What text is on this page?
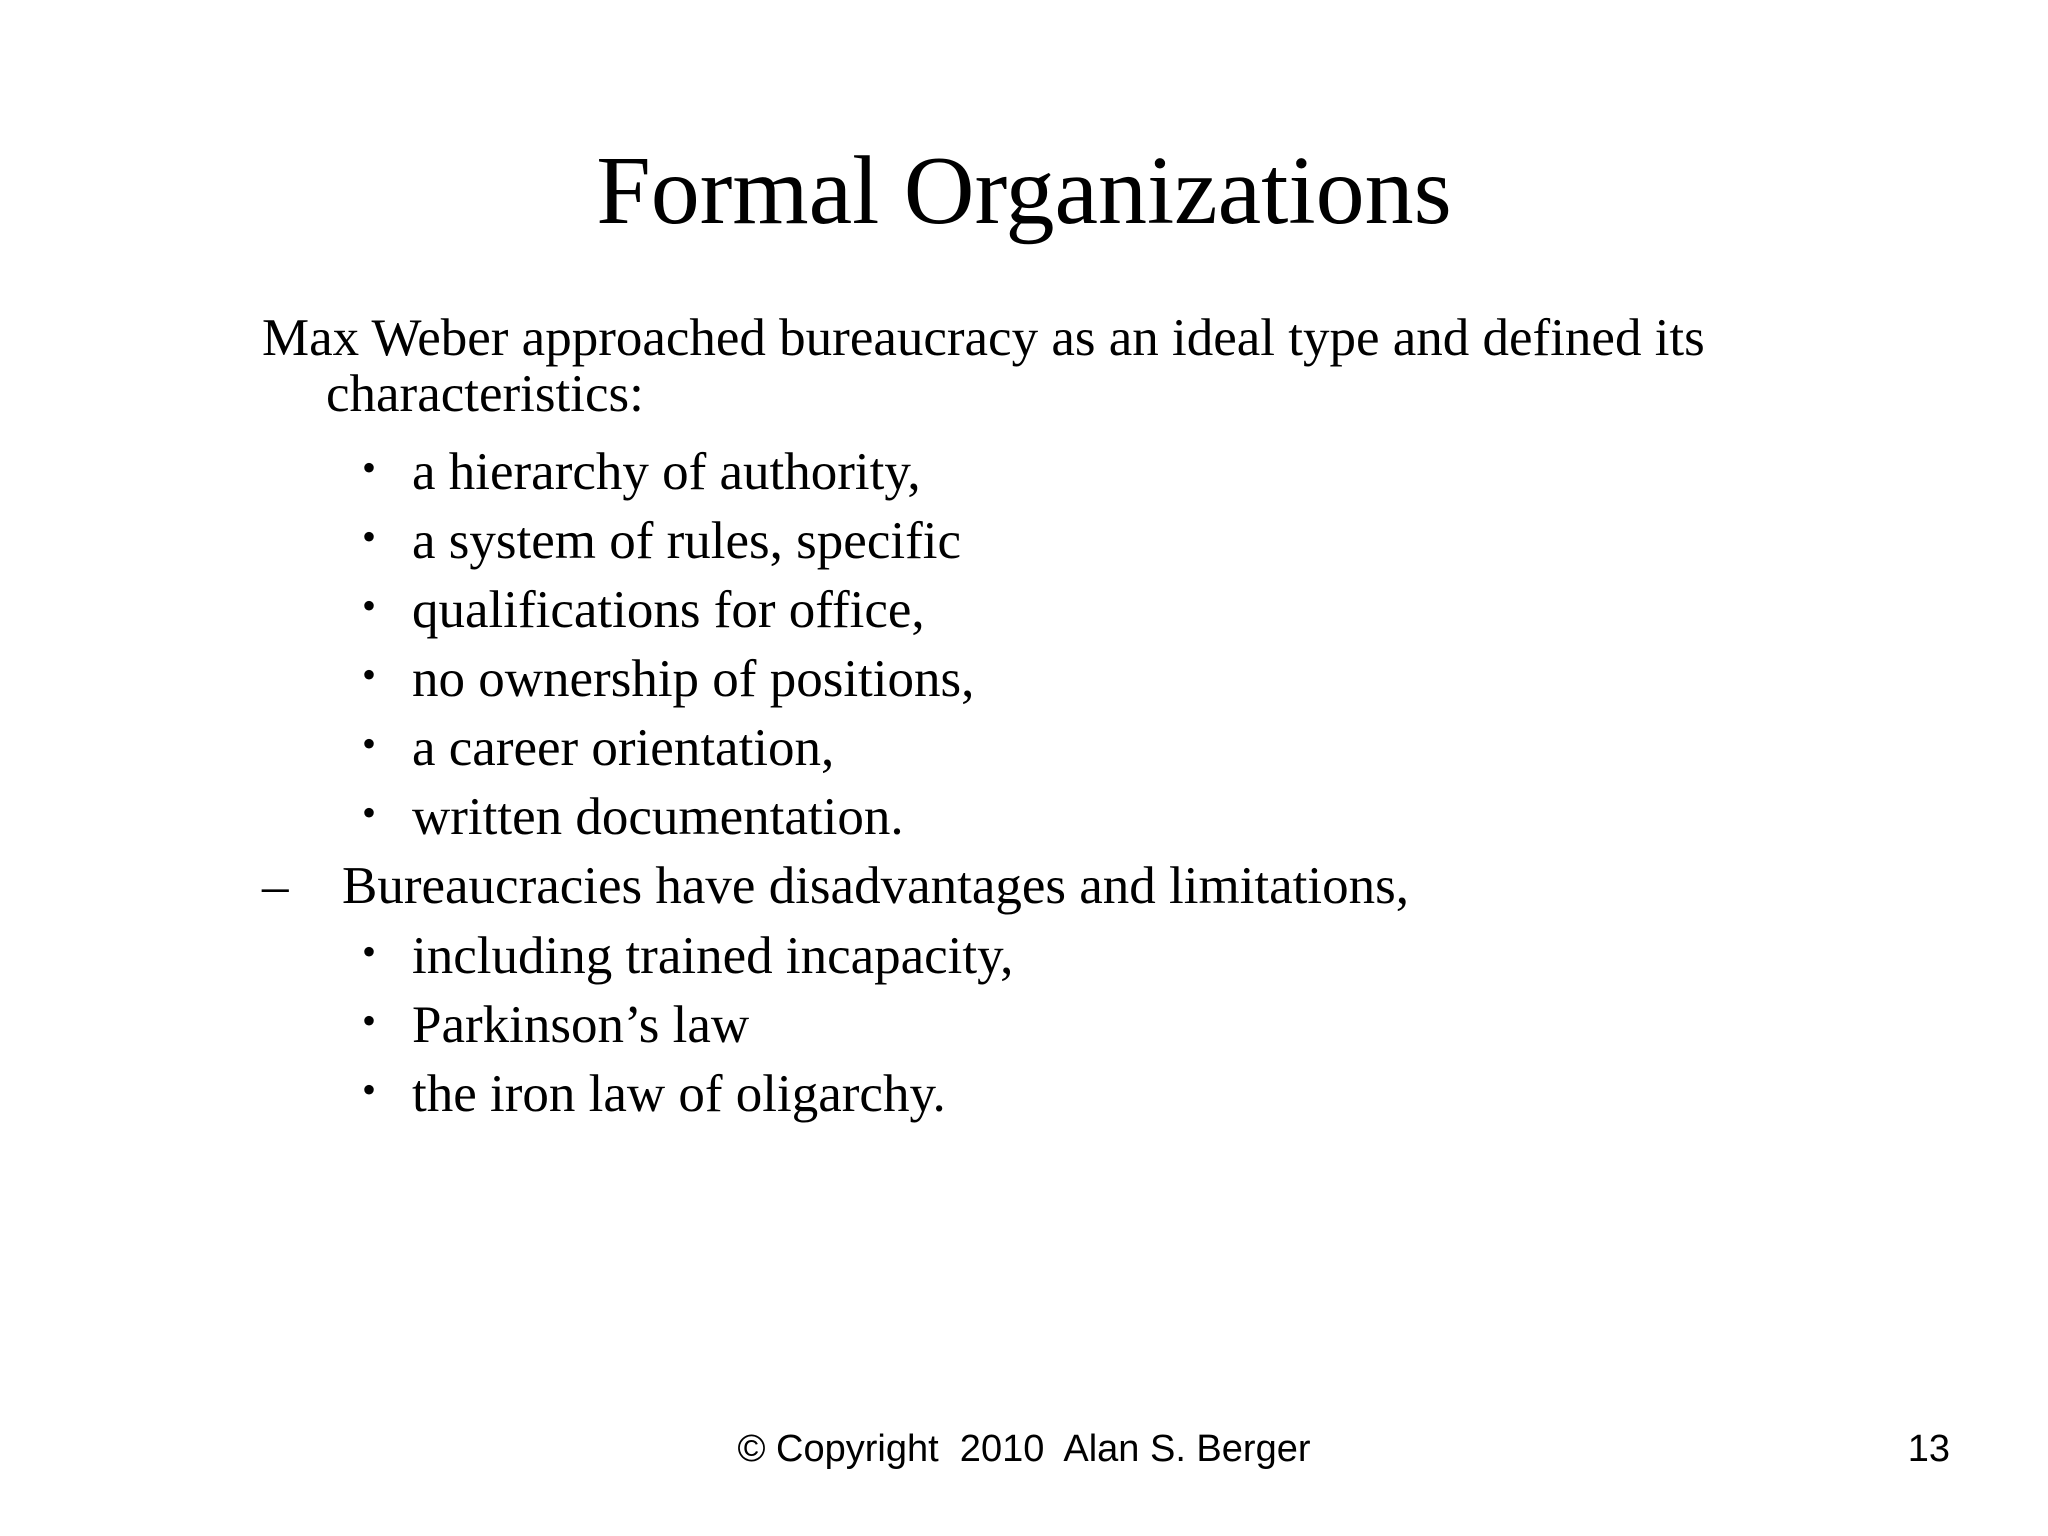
Formal Organizations
Max Weber approached bureaucracy as an ideal type and defined its
characteristics:
• a hierarchy of authority,
• a system of rules, specific
• qualifications for office,
• no ownership of positions,
• a career orientation,
• written documentation.
– Bureaucracies have disadvantages and limitations,
• including trained incapacity,
• Parkinson’s law
• the iron law of oligarchy.
© Copyright  2010  Alan S. Berger	13
